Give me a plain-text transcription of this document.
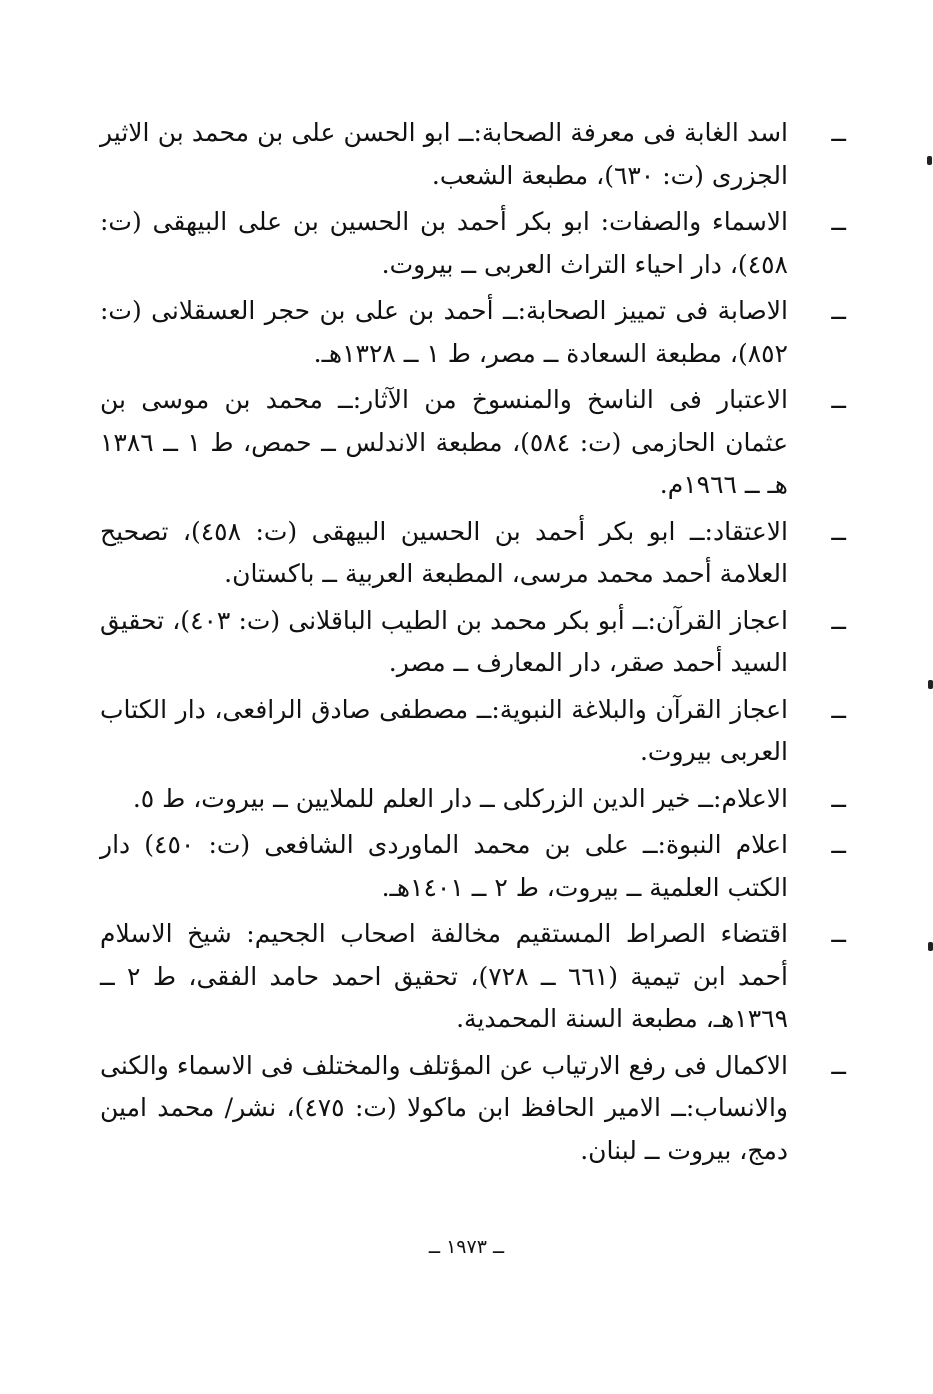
ــ
اسد الغابة فى معرفة الصحابة:ــ ابو الحسن على بن محمد بن الاثير الجزرى (ت: ٦٣٠)، مطبعة الشعب.
ــ
الاسماء والصفات: ابو بكر أحمد بن الحسين بن على البيهقى (ت: ٤٥٨)، دار احياء التراث العربى ــ بيروت.
ــ
الاصابة فى تمييز الصحابة:ــ أحمد بن على بن حجر العسقلانى (ت: ٨٥٢)، مطبعة السعادة ــ مصر، ط ١ ــ ١٣٢٨هـ.
ــ
الاعتبار فى الناسخ والمنسوخ من الآثار:ــ محمد بن موسى بن عثمان الحازمى (ت: ٥٨٤)، مطبعة الاندلس ــ حمص، ط ١ ــ ١٣٨٦ هـ ــ ١٩٦٦م.
ــ
الاعتقاد:ــ ابو بكر أحمد بن الحسين البيهقى (ت: ٤٥٨)، تصحيح العلامة أحمد محمد مرسى، المطبعة العربية ــ باكستان.
ــ
اعجاز القرآن:ــ أبو بكر محمد بن الطيب الباقلانى (ت: ٤٠٣)، تحقيق السيد أحمد صقر، دار المعارف ــ مصر.
ــ
اعجاز القرآن والبلاغة النبوية:ــ مصطفى صادق الرافعى، دار الكتاب العربى بيروت.
ــ
الاعلام:ــ خير الدين الزركلى ــ دار العلم للملايين ــ بيروت، ط ٥.
ــ
اعلام النبوة:ــ على بن محمد الماوردى الشافعى (ت: ٤٥٠) دار الكتب العلمية ــ بيروت، ط ٢ ــ ١٤٠١هـ.
ــ
اقتضاء الصراط المستقيم مخالفة اصحاب الجحيم: شيخ الاسلام أحمد ابن تيمية (٦٦١ ــ ٧٢٨)، تحقيق احمد حامد الفقى، ط ٢ ــ ١٣٦٩هـ، مطبعة السنة المحمدية.
ــ
الاكمال فى رفع الارتياب عن المؤتلف والمختلف فى الاسماء والكنى والانساب:ــ الامير الحافظ ابن ماكولا (ت: ٤٧٥)، نشر/ محمد امين دمج، بيروت ــ لبنان.
ــ ١٩٧٣ ــ
